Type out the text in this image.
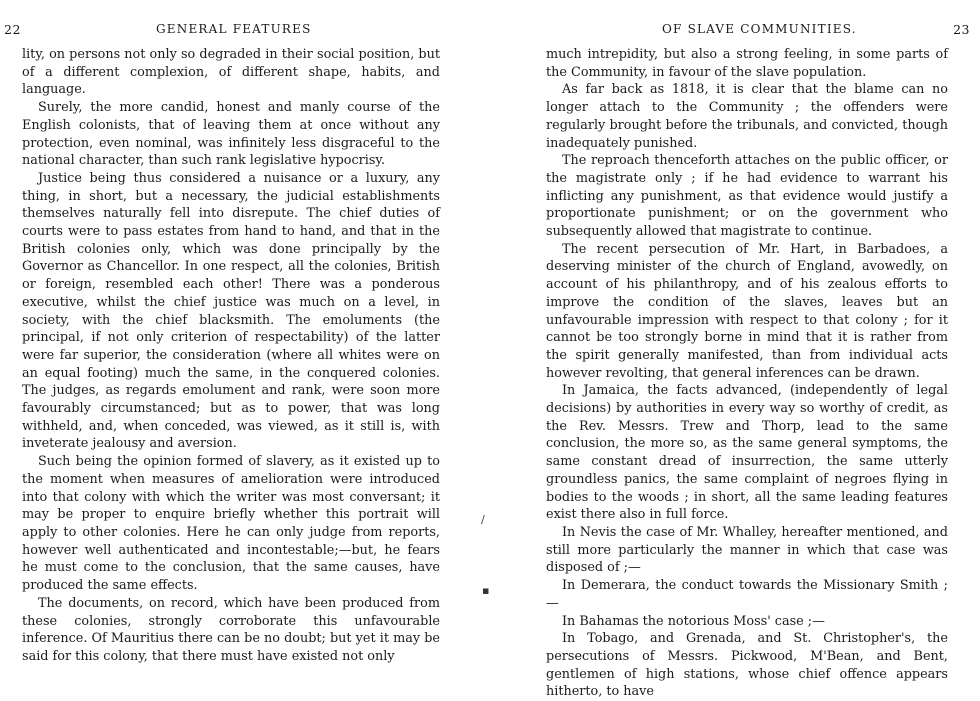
22	GENERAL FEATURES

lity, on persons not only so degraded in their social position, but of a different complexion, of different shape, habits, and language.

Surely, the more candid, honest and manly course of the English colonists, that of leaving them at once without any protection, even nominal, was infinitely less disgraceful to the national character, than such rank legislative hypocrisy.

Justice being thus considered a nuisance or a luxury, any thing, in short, but a necessary, the judicial establishments themselves naturally fell into disrepute. The chief duties of courts were to pass estates from hand to hand, and that in the British colonies only, which was done principally by the Governor as Chancellor. In one respect, all the colonies, British or foreign, resembled each other! There was a ponderous executive, whilst the chief justice was much on a level, in society, with the chief blacksmith. The emoluments (the principal, if not only criterion of respectability) of the latter were far superior, the consideration (where all whites were on an equal footing) much the same, in the conquered colonies. The judges, as regards emolument and rank, were soon more favourably circumstanced; but as to power, that was long withheld, and, when conceded, was viewed, as it still is, with inveterate jealousy and aversion.

Such being the opinion formed of slavery, as it existed up to the moment when measures of amelioration were introduced into that colony with which the writer was most conversant; it may be proper to enquire briefly whether this portrait will apply to other colonies. Here he can only judge from reports, however well authenticated and incontestable;—but, he fears he must come to the conclusion, that the same causes, have produced the same effects.

The documents, on record, which have been produced from these colonies, strongly corroborate this unfavourable inference. Of Mauritius there can be no doubt; but yet it may be said for this colony, that there must have existed not only

/
▪
OF SLAVE COMMUNITIES.	23

much intrepidity, but also a strong feeling, in some parts of the Community, in favour of the slave population.

As far back as 1818, it is clear that the blame can no longer attach to the Community ; the offenders were regularly brought before the tribunals, and convicted, though inadequately punished.

The reproach thenceforth attaches on the public officer, or the magistrate only ; if he had evidence to warrant his inflicting any punishment, as that evidence would justify a proportionate punishment; or on the government who subsequently allowed that magistrate to continue.

The recent persecution of Mr. Hart, in Barbadoes, a deserving minister of the church of England, avowedly, on account of his philanthropy, and of his zealous efforts to improve the condition of the slaves, leaves but an unfavourable impression with respect to that colony ; for it cannot be too strongly borne in mind that it is rather from the spirit generally manifested, than from individual acts however revolting, that general inferences can be drawn.

In Jamaica, the facts advanced, (independently of legal decisions) by authorities in every way so worthy of credit, as the Rev. Messrs. Trew and Thorp, lead to the same conclusion, the more so, as the same general symptoms, the same constant dread of insurrection, the same utterly groundless panics, the same complaint of negroes flying in bodies to the woods ; in short, all the same leading features exist there also in full force.

In Nevis the case of Mr. Whalley, hereafter mentioned, and still more particularly the manner in which that case was disposed of ;—

In Demerara, the conduct towards the Missionary Smith ;—

In Bahamas the notorious Moss' case ;—

In Tobago, and Grenada, and St. Christopher's, the persecutions of Messrs. Pickwood, M'Bean, and Bent, gentlemen of high stations, whose chief offence appears hitherto, to have
